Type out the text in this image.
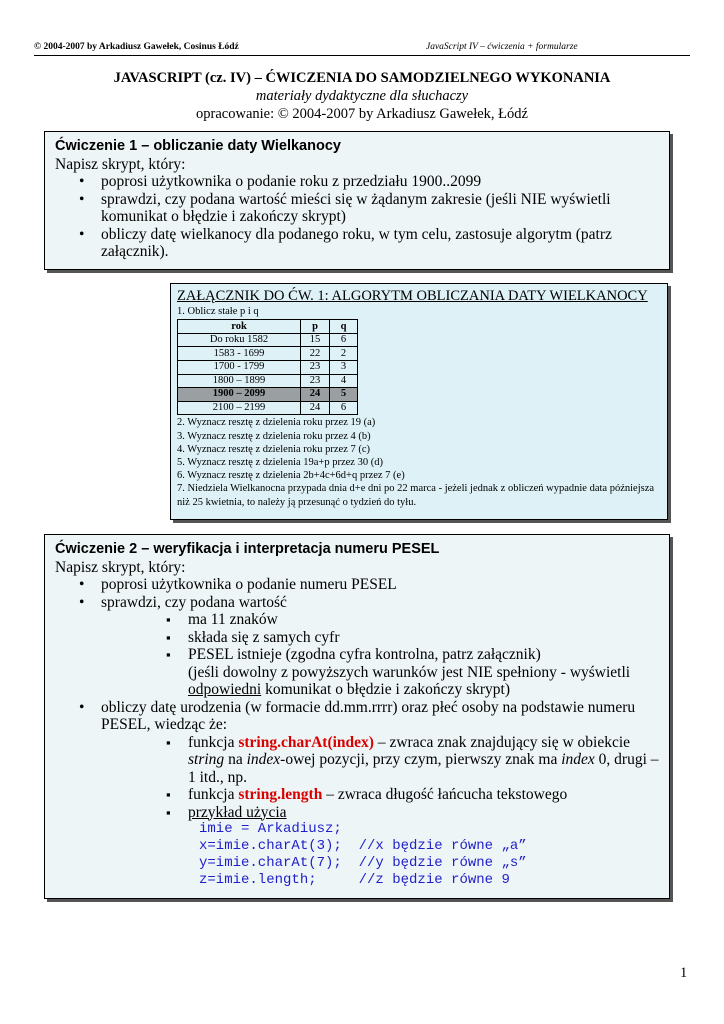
© 2004-2007 by Arkadiusz Gawełek, Cosinus Łódź	JavaScript IV – ćwiczenia + formularze
JAVASCRIPT (cz. IV) – ĆWICZENIA DO SAMODZIELNEGO WYKONANIA
materiały dydaktyczne dla słuchaczy
opracowanie: © 2004-2007 by Arkadiusz Gawełek, Łódź
Ćwiczenie 1 – obliczanie daty Wielkanocy
Napisz skrypt, który:
• poprosi użytkownika o podanie roku z przedziału 1900..2099
• sprawdzi, czy podana wartość mieści się w żądanym zakresie (jeśli NIE wyświetli komunikat o błędzie i zakończy skrypt)
• obliczy datę wielkanocy dla podanego roku, w tym celu, zastosuje algorytm (patrz załącznik).
ZAŁĄCZNIK DO ĆW. 1: ALGORYTM OBLICZANIA DATY WIELKANOCY
1. Oblicz stałe p i q
rok	p	q
Do roku 1582	15	6
1583 - 1699	22	2
1700 - 1799	23	3
1800 – 1899	23	4
1900 – 2099	24	5
2100 – 2199	24	6
2. Wyznacz resztę z dzielenia roku przez 19 (a)
3. Wyznacz resztę z dzielenia roku przez 4 (b)
4. Wyznacz resztę z dzielenia roku przez 7 (c)
5. Wyznacz resztę z dzielenia 19a+p przez 30 (d)
6. Wyznacz resztę z dzielenia 2b+4c+6d+q przez 7 (e)
7. Niedziela Wielkanocna przypada dnia d+e dni po 22 marca - jeżeli jednak z obliczeń wypadnie data późniejsza niż 25 kwietnia, to należy ją przesunąć o tydzień do tyłu.
Ćwiczenie 2 – weryfikacja i interpretacja numeru PESEL
Napisz skrypt, który:
• poprosi użytkownika o podanie numeru PESEL
• sprawdzi, czy podana wartość
▪ ma 11 znaków
▪ składa się z samych cyfr
▪ PESEL istnieje (zgodna cyfra kontrolna, patrz załącznik)
(jeśli dowolny z powyższych warunków jest NIE spełniony - wyświetli odpowiedni komunikat o błędzie i zakończy skrypt)
• obliczy datę urodzenia (w formacie dd.mm.rrrr) oraz płeć osoby na podstawie numeru PESEL, wiedząc że:
▪ funkcja string.charAt(index) – zwraca znak znajdujący się w obiekcie string na index-owej pozycji, przy czym, pierwszy znak ma index 0, drugi – 1 itd., np.
▪ funkcja string.length – zwraca długość łańcucha tekstowego
▪ przykład użycia
imie = Arkadiusz;
x=imie.charAt(3);  //x będzie równe „a”
y=imie.charAt(7);  //y będzie równe „s”
z=imie.length;     //z będzie równe 9
1
